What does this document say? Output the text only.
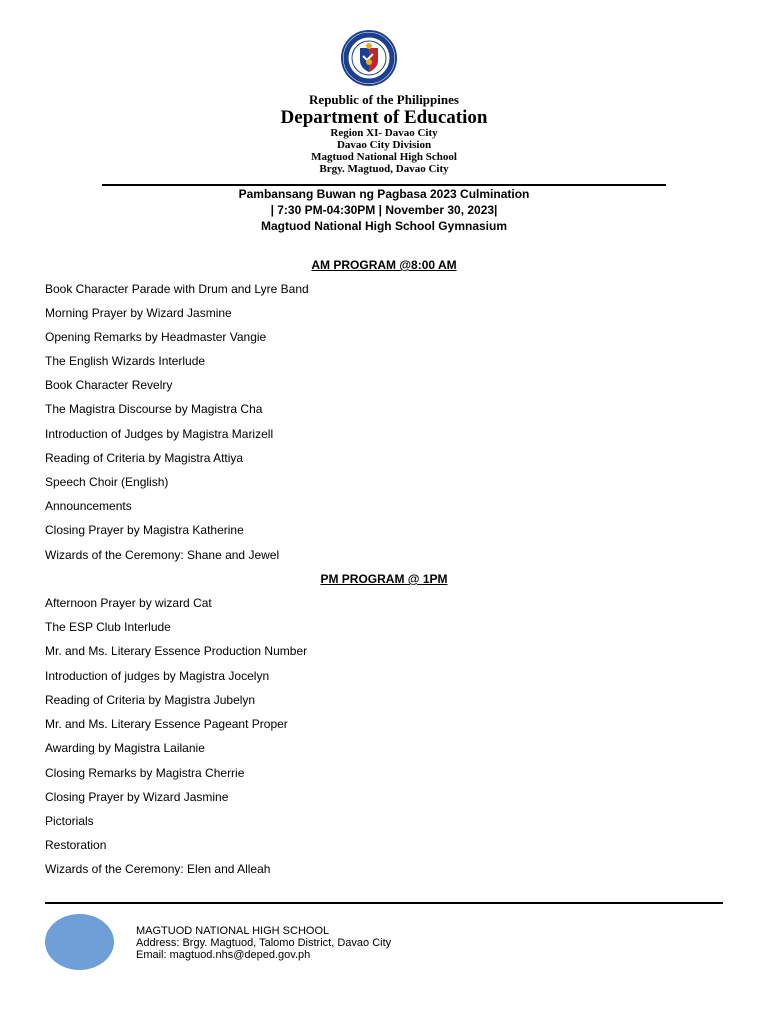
Republic of the Philippines
Department of Education
Region XI- Davao City
Davao City Division
Magtuod National High School
Brgy. Magtuod, Davao City
Pambansang Buwan ng Pagbasa 2023 Culmination
| 7:30 PM-04:30PM | November 30, 2023|
Magtuod National High School Gymnasium
AM PROGRAM @8:00 AM
Book Character Parade with Drum and Lyre Band
Morning Prayer by Wizard Jasmine
Opening Remarks by Headmaster Vangie
The English Wizards Interlude
Book Character Revelry
The Magistra Discourse by Magistra Cha
Introduction of Judges by Magistra Marizell
Reading of Criteria by Magistra Attiya
Speech Choir (English)
Announcements
Closing Prayer by Magistra Katherine
Wizards of the Ceremony: Shane and Jewel
PM PROGRAM @ 1PM
Afternoon Prayer by wizard Cat
The ESP Club Interlude
Mr. and Ms. Literary Essence Production Number
Introduction of judges by Magistra Jocelyn
Reading of Criteria by Magistra Jubelyn
Mr. and Ms. Literary Essence Pageant Proper
Awarding by Magistra Lailanie
Closing Remarks by Magistra Cherrie
Closing Prayer by Wizard Jasmine
Pictorials
Restoration
Wizards of the Ceremony: Elen and Alleah
MAGTUOD NATIONAL HIGH SCHOOL
Address: Brgy. Magtuod, Talomo District, Davao City
Email: magtuod.nhs@deped.gov.ph
